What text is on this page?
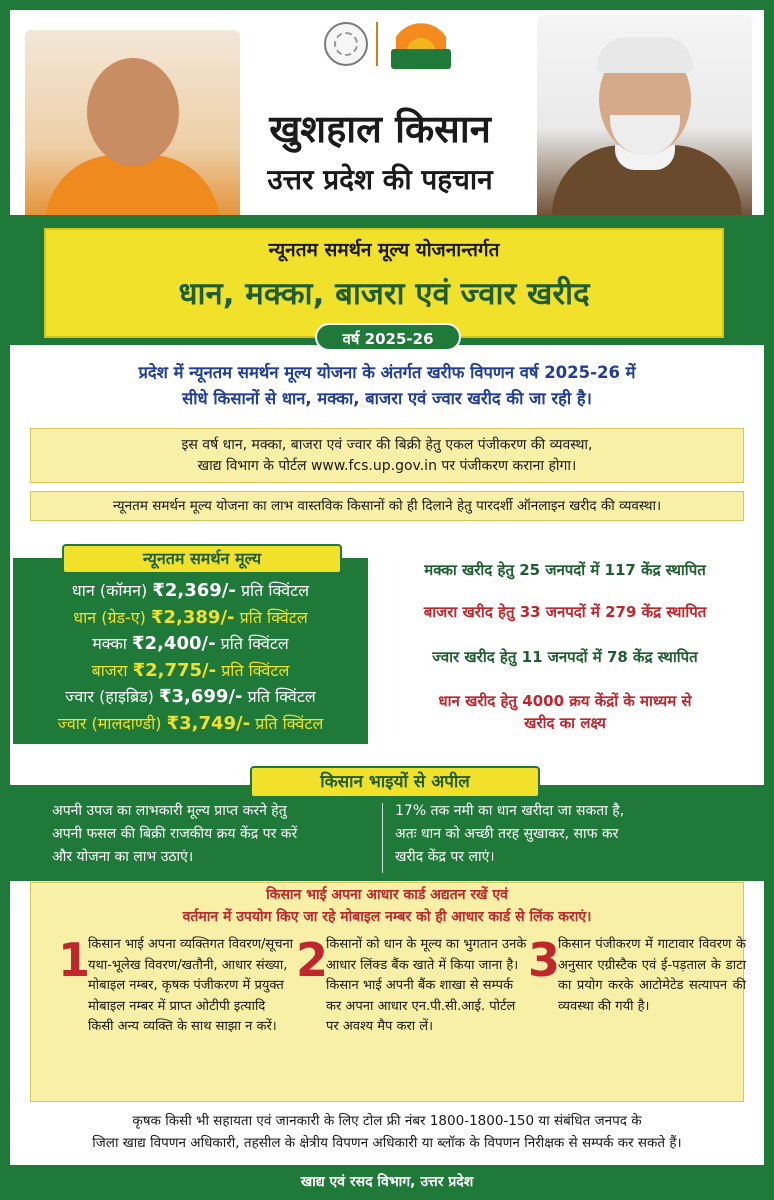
खुशहाल किसान
उत्तर प्रदेश की पहचान
न्यूनतम समर्थन मूल्य योजनान्तर्गत
धान, मक्का, बाजरा एवं ज्वार खरीद
वर्ष 2025-26
प्रदेश में न्यूनतम समर्थन मूल्य योजना के अंतर्गत खरीफ विपणन वर्ष 2025-26 में
सीधे किसानों से धान, मक्का, बाजरा एवं ज्वार खरीद की जा रही है।
इस वर्ष धान, मक्का, बाजरा एवं ज्वार की बिक्री हेतु एकल पंजीकरण की व्यवस्था,
खाद्य विभाग के पोर्टल www.fcs.up.gov.in पर पंजीकरण कराना होगा।
न्यूनतम समर्थन मूल्य योजना का लाभ वास्तविक किसानों को ही दिलाने हेतु पारदर्शी ऑनलाइन खरीद की व्यवस्था।
न्यूनतम समर्थन मूल्य
धान (कॉमन) ₹2,369/- प्रति क्विंटल
धान (ग्रेड-ए) ₹2,389/- प्रति क्विंटल
मक्का ₹2,400/- प्रति क्विंटल
बाजरा ₹2,775/- प्रति क्विंटल
ज्वार (हाइब्रिड) ₹3,699/- प्रति क्विंटल
ज्वार (मालदाण्डी) ₹3,749/- प्रति क्विंटल
मक्का खरीद हेतु 25 जनपदों में 117 केंद्र स्थापित
बाजरा खरीद हेतु 33 जनपदों में 279 केंद्र स्थापित
ज्वार खरीद हेतु 11 जनपदों में 78 केंद्र स्थापित
धान खरीद हेतु 4000 क्रय केंद्रों के माध्यम से
खरीद का लक्ष्य
किसान भाइयों से अपील
अपनी उपज का लाभकारी मूल्य प्राप्त करने हेतु
अपनी फसल की बिक्री राजकीय क्रय केंद्र पर करें
और योजना का लाभ उठाएं।
17% तक नमी का धान खरीदा जा सकता है,
अतः धान को अच्छी तरह सुखाकर, साफ कर
खरीद केंद्र पर लाएं।
किसान भाई अपना आधार कार्ड अद्यतन रखें एवं
वर्तमान में उपयोग किए जा रहे मोबाइल नम्बर को ही आधार कार्ड से लिंक कराएं।
1
किसान भाई अपना व्यक्तिगत विवरण/सूचना यथा-भूलेख विवरण/खतौनी, आधार संख्या, मोबाइल नम्बर, कृषक पंजीकरण में प्रयुक्त मोबाइल नम्बर में प्राप्त ओटीपी इत्यादि किसी अन्य व्यक्ति के साथ साझा न करें।
2
किसानों को धान के मूल्य का भुगतान उनके आधार लिंक्ड बैंक खाते में किया जाना है। किसान भाई अपनी बैंक शाखा से सम्पर्क कर अपना आधार एन.पी.सी.आई. पोर्टल पर अवश्य मैप करा लें।
3
किसान पंजीकरण में गाटावार विवरण के अनुसार एग्रीस्टैक एवं ई-पड़ताल के डाटा का प्रयोग करके आटोमेटेड सत्यापन की व्यवस्था की गयी है।
कृषक किसी भी सहायता एवं जानकारी के लिए टोल फ्री नंबर 1800-1800-150 या संबंधित जनपद के
जिला खाद्य विपणन अधिकारी, तहसील के क्षेत्रीय विपणन अधिकारी या ब्लॉक के विपणन निरीक्षक से सम्पर्क कर सकते हैं।
खाद्य एवं रसद विभाग, उत्तर प्रदेश
